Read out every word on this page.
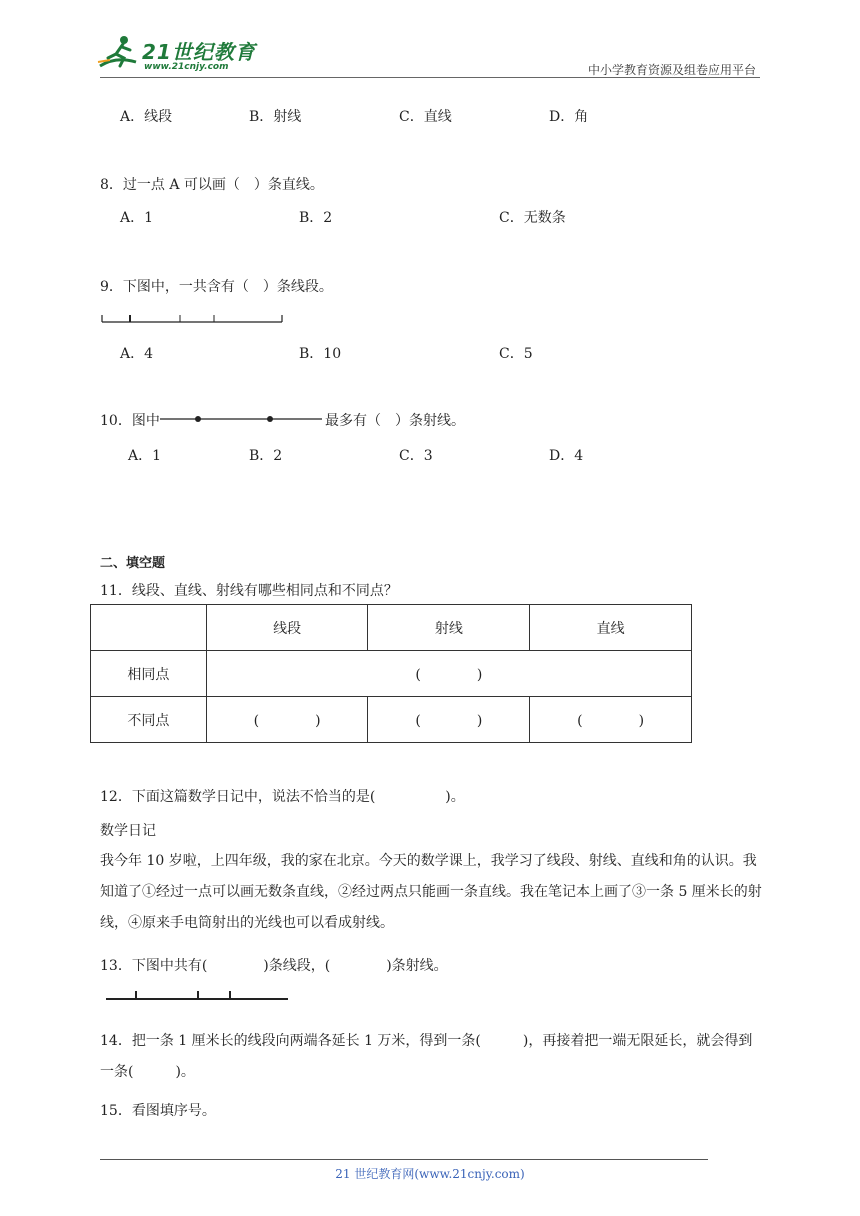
21世纪教育
www.21cnjy.com	中小学教育资源及组卷应用平台
A．线段	B．射线	C．直线	D．角
8．过一点 A 可以画（　）条直线。
A．1	B．2	C．无数条
9．下图中，一共含有（　）条线段。
A．4	B．10	C．5
10．图中	最多有（　）条射线。
A．1	B．2	C．3	D．4
二、填空题
11．线段、直线、射线有哪些相同点和不同点？
	线段	射线	直线
相同点	(　　　　)		
不同点	(　　　　)	(　　　　)	(　　　　)
12．下面这篇数学日记中，说法不恰当的是(　　　　　)。
数学日记
我今年 10 岁啦，上四年级，我的家在北京。今天的数学课上，我学习了线段、射线、直线和角的认识。我知道了①经过一点可以画无数条直线，②经过两点只能画一条直线。我在笔记本上画了③一条 5 厘米长的射线，④原来手电筒射出的光线也可以看成射线。
13．下图中共有(　　　　)条线段，(　　　　)条射线。
14．把一条 1 厘米长的线段向两端各延长 1 万米，得到一条(　　　)，再接着把一端无限延长，就会得到一条(　　　)。
15．看图填序号。
21 世纪教育网(www.21cnjy.com)
